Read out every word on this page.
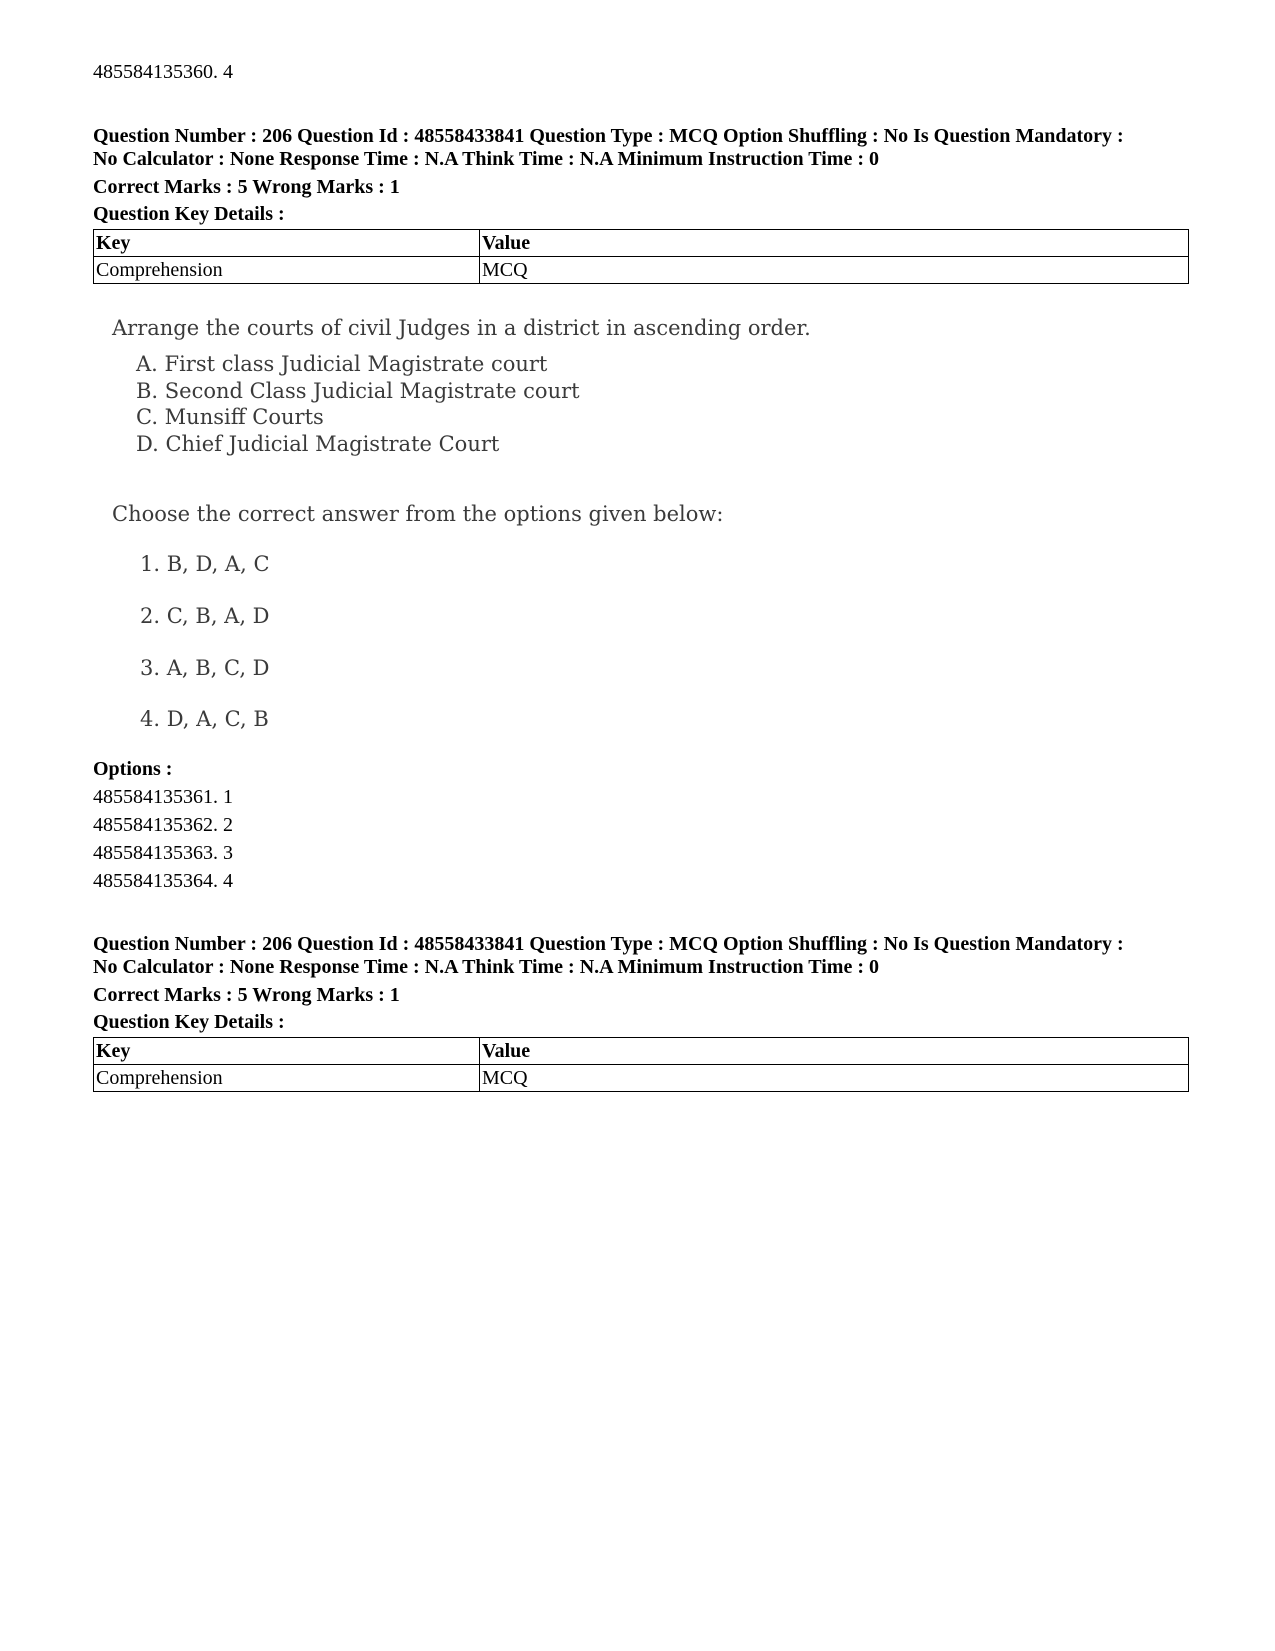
485584135360. 4
Question Number : 206 Question Id : 48558433841 Question Type : MCQ Option Shuffling : No Is Question Mandatory :
No Calculator : None Response Time : N.A Think Time : N.A Minimum Instruction Time : 0
Correct Marks : 5 Wrong Marks : 1
Question Key Details :
Key	Value
Comprehension	MCQ
Arrange the courts of civil Judges in a district in ascending order.
A. First class Judicial Magistrate court
B. Second Class Judicial Magistrate court
C. Munsiff Courts
D. Chief Judicial Magistrate Court
Choose the correct answer from the options given below:
1. B, D, A, C
2. C, B, A, D
3. A, B, C, D
4. D, A, C, B
Options :
485584135361. 1
485584135362. 2
485584135363. 3
485584135364. 4
Question Number : 206 Question Id : 48558433841 Question Type : MCQ Option Shuffling : No Is Question Mandatory :
No Calculator : None Response Time : N.A Think Time : N.A Minimum Instruction Time : 0
Correct Marks : 5 Wrong Marks : 1
Question Key Details :
Key	Value
Comprehension	MCQ
